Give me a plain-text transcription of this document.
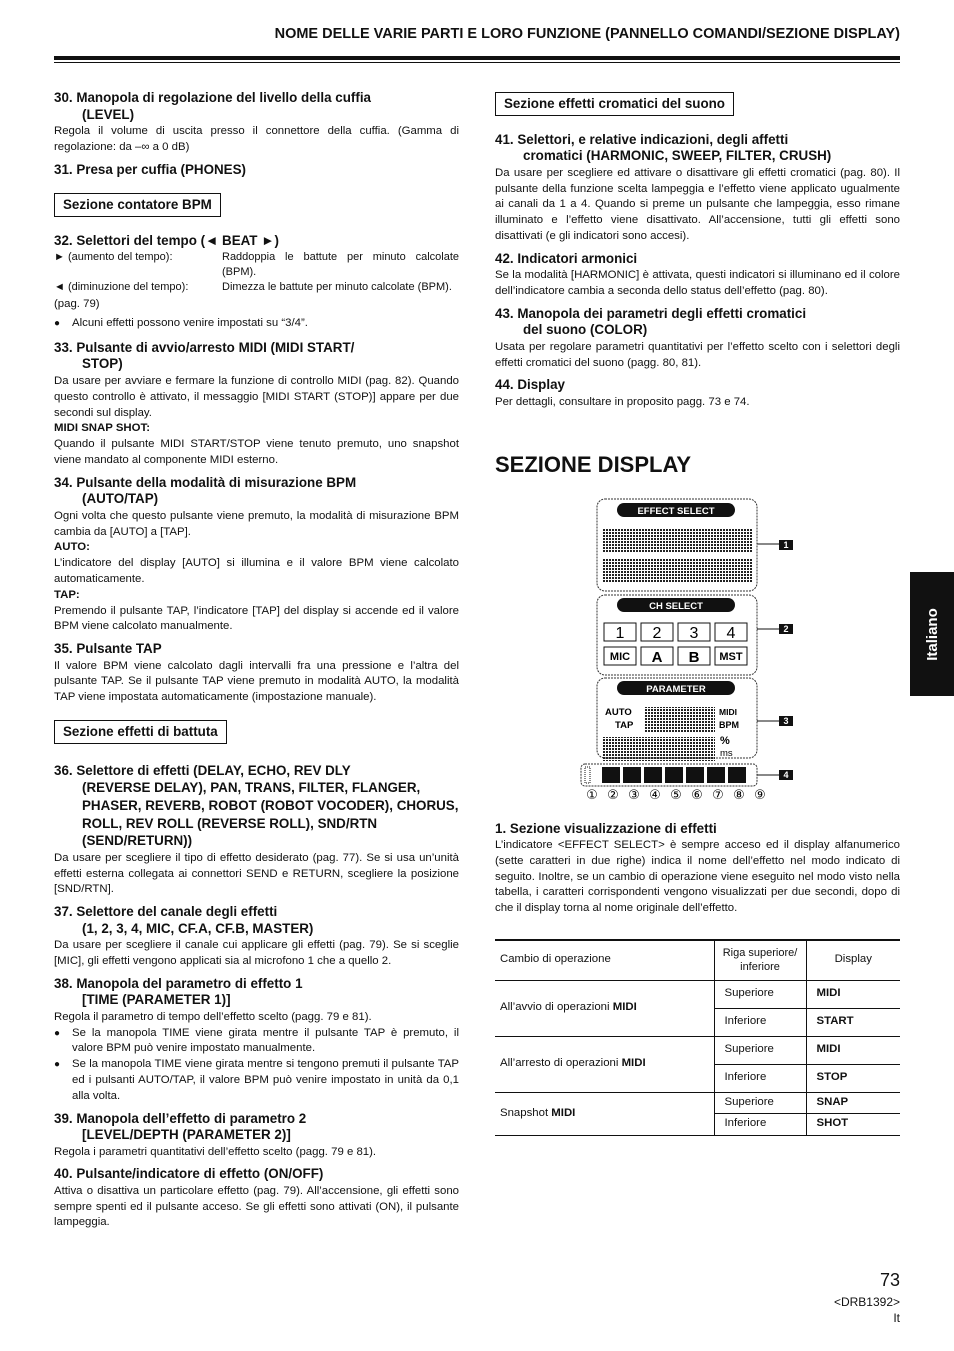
NOME DELLE VARIE PARTI E LORO FUNZIONE (PANNELLO COMANDI/SEZIONE DISPLAY)
Italiano
30. Manopola di regolazione del livello della cuffia
(LEVEL)

Regola il volume di uscita presso il connettore della cuffia. (Gamma di regolazione: da –∞ a 0 dB)

31. Presa per cuffia (PHONES)
Sezione contatore BPM
32. Selettori del tempo (◄ BEAT ►)
► (aumento del tempo):	Raddoppia le battute per minuto calcolate (BPM).
◄ (diminuzione del tempo):	Dimezza le battute per minuto calcolate (BPM).

(pag. 79)

● Alcuni effetti possono venire impostati su “3/4”.

33. Pulsante di avvio/arresto MIDI (MIDI START/
STOP)

Da usare per avviare e fermare la funzione di controllo MIDI (pag. 82). Quando questo controllo è attivato, il messaggio [MIDI START (STOP)] appare per due secondi sul display.

MIDI SNAP SHOT:

Quando il pulsante MIDI START/STOP viene tenuto premuto, uno snapshot viene mandato al componente MIDI esterno.

34. Pulsante della modalità di misurazione BPM
(AUTO/TAP)

Ogni volta che questo pulsante viene premuto, la modalità di misurazione BPM cambia da [AUTO] a [TAP].

AUTO:

L’indicatore del display [AUTO] si illumina e il valore BPM viene calcolato automaticamente.

TAP:

Premendo il pulsante TAP, l’indicatore [TAP] del display si accende ed il valore BPM viene calcolato manualmente.

35. Pulsante TAP

Il valore BPM viene calcolato dagli intervalli fra una pressione e l’altra del pulsante TAP. Se il pulsante TAP viene premuto in modalità AUTO, la modalità TAP viene impostata automaticamente (impostazione manuale).

Sezione effetti di battuta
36. Selettore di effetti (DELAY, ECHO, REV DLY
(REVERSE DELAY), PAN, TRANS, FILTER, FLANGER, PHASER, REVERB, ROBOT (ROBOT VOCODER), CHORUS, ROLL, REV ROLL (REVERSE ROLL), SND/RTN (SEND/RETURN))

Da usare per scegliere il tipo di effetto desiderato (pag. 77). Se si usa un’unità effetti esterna collegata ai connettori SEND e RETURN, scegliere la posizione [SND/RTN].

37. Selettore del canale degli effetti
(1, 2, 3, 4, MIC, CF.A, CF.B, MASTER)

Da usare per scegliere il canale cui applicare gli effetti (pag. 79). Se si sceglie [MIC], gli effetti vengono applicati sia al microfono 1 che a quello 2.

38. Manopola del parametro di effetto 1
[TIME (PARAMETER 1)]

Regola il parametro di tempo dell’effetto scelto (pagg. 79 e 81).

● Se la manopola TIME viene girata mentre il pulsante TAP è premuto, il valore BPM può venire impostato manualmente.

● Se la manopola TIME viene girata mentre si tengono premuti il pulsante TAP ed i pulsanti AUTO/TAP, il valore BPM può venire impostato in unità da 0,1 alla volta.

39. Manopola dell’effetto di parametro 2
[LEVEL/DEPTH (PARAMETER 2)]

Regola i parametri quantitativi dell’effetto scelto (pagg. 79 e 81).

40. Pulsante/indicatore di effetto (ON/OFF)

Attiva o disattiva un particolare effetto (pag. 79). All’accensione, gli effetti sono sempre spenti ed il pulsante acceso. Se gli effetti sono attivati (ON), il pulsante lampeggia.

Sezione effetti cromatici del suono
41. Selettori, e relative indicazioni, degli affetti
cromatici (HARMONIC, SWEEP, FILTER, CRUSH)

Da usare per scegliere ed attivare o disattivare gli effetti cromatici (pag. 80). Il pulsante della funzione scelta lampeggia e l’effetto viene applicato ugualmente ai canali da 1 a 4. Quando si preme un pulsante che lampeggia, esso rimane illuminato e l’effetto viene disattivato. All’accensione, tutti gli effetti sono disattivati (e gli indicatori sono accesi).

42. Indicatori armonici

Se la modalità [HARMONIC] è attivata, questi indicatori si illuminano ed il colore dell’indicatore cambia a seconda dello status dell’effetto (pag. 80).

43. Manopola dei parametri degli effetti cromatici
del suono (COLOR)

Usata per regolare parametri quantitativi per l’effetto scelto con i selettori degli effetti cromatici del suono (pagg. 80, 81).

44. Display

Per dettagli, consultare in proposito pagg. 73 e 74.

SEZIONE DISPLAY
EFFECT SELECT
1
CH SELECT
1 2 3 4
MIC A B MST
2
PARAMETER
AUTO
TAP
MIDI
BPM
%
ms
3
4
① ② ③ ④ ⑤ ⑥ ⑦ ⑧ ⑨
1. Sezione visualizzazione di effetti

L’indicatore <EFFECT SELECT> è sempre acceso ed il display alfanumerico (sette caratteri in due righe) indica il nome dell’effetto nel modo indicato di seguito. Inoltre, se un cambio di operazione viene eseguito nel modo visto nella tabella, i caratteri corrispondenti vengono visualizzati per due secondi, dopo di che il display torna al nome originale dell’effetto.

Cambio di operazione	Riga superiore/ inferiore	Display
All’avvio di operazioni MIDI	Superiore	MIDI
	Inferiore	START
All’arresto di operazioni MIDI	Superiore	MIDI
	Inferiore	STOP
Snapshot MIDI	Superiore	SNAP
	Inferiore	SHOT
73
<DRB1392>
It
